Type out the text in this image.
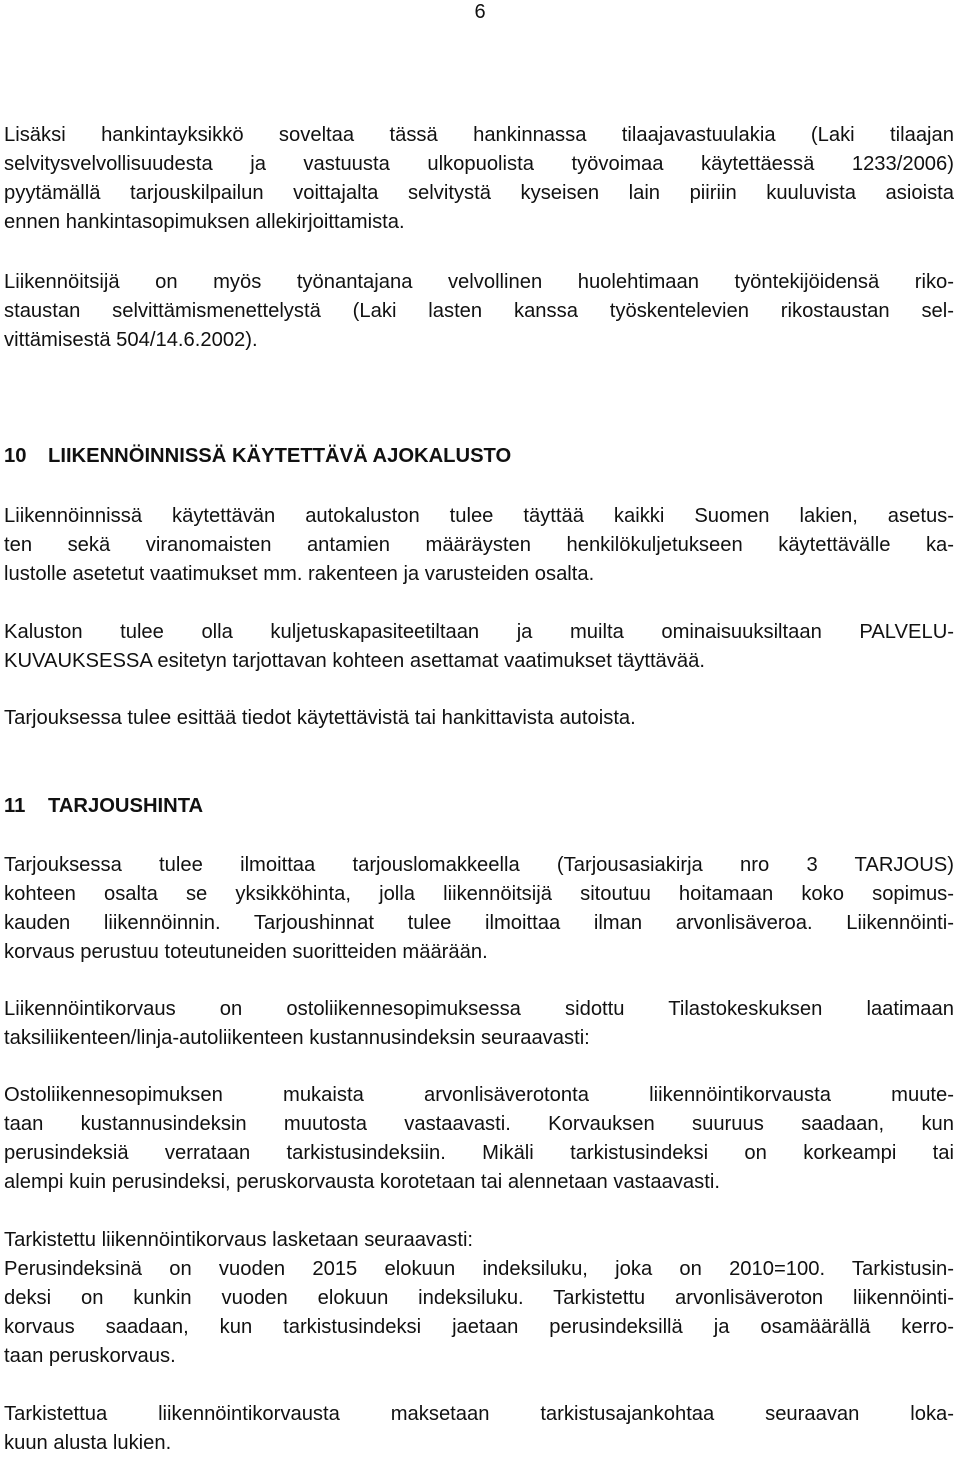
6
Lisäksi hankintayksikkö soveltaa tässä hankinnassa tilaajavastuulakia (Laki tilaajan
selvitysvelvollisuudesta ja vastuusta ulkopuolista työvoimaa käytettäessä 1233/2006)
pyytämällä tarjouskilpailun voittajalta selvitystä kyseisen lain piiriin kuuluvista asioista
ennen hankintasopimuksen allekirjoittamista.
Liikennöitsijä on myös työnantajana velvollinen huolehtimaan työntekijöidensä riko-
staustan selvittämismenettelystä (Laki lasten kanssa työskentelevien rikostaustan sel-
vittämisestä 504/14.6.2002).
10 LIIKENNÖINNISSÄ KÄYTETTÄVÄ AJOKALUSTO
Liikennöinnissä käytettävän autokaluston tulee täyttää kaikki Suomen lakien, asetus-
ten sekä viranomaisten antamien määräysten henkilökuljetukseen käytettävälle ka-
lustolle asetetut vaatimukset mm. rakenteen ja varusteiden osalta.
Kaluston tulee olla kuljetuskapasiteetiltaan ja muilta ominaisuuksiltaan PALVELU-
KUVAUKSESSA esitetyn tarjottavan kohteen asettamat vaatimukset täyttävää.
Tarjouksessa tulee esittää tiedot käytettävistä tai hankittavista autoista.
11 TARJOUSHINTA
Tarjouksessa tulee ilmoittaa tarjouslomakkeella (Tarjousasiakirja nro 3 TARJOUS)
kohteen osalta se yksikköhinta, jolla liikennöitsijä sitoutuu hoitamaan koko sopimus-
kauden liikennöinnin. Tarjoushinnat tulee ilmoittaa ilman arvonlisäveroa. Liikennöinti-
korvaus perustuu toteutuneiden suoritteiden määrään.
Liikennöintikorvaus on ostoliikennesopimuksessa sidottu Tilastokeskuksen laatimaan
taksiliikenteen/linja-autoliikenteen kustannusindeksin seuraavasti:
Ostoliikennesopimuksen mukaista arvonlisäverotonta liikennöintikorvausta muute-
taan kustannusindeksin muutosta vastaavasti. Korvauksen suuruus saadaan, kun
perusindeksiä verrataan tarkistusindeksiin. Mikäli tarkistusindeksi on korkeampi tai
alempi kuin perusindeksi, peruskorvausta korotetaan tai alennetaan vastaavasti.
Tarkistettu liikennöintikorvaus lasketaan seuraavasti:
Perusindeksinä on vuoden 2015 elokuun indeksiluku, joka on 2010=100. Tarkistusin-
deksi on kunkin vuoden elokuun indeksiluku. Tarkistettu arvonlisäveroton liikennöinti-
korvaus saadaan, kun tarkistusindeksi jaetaan perusindeksillä ja osamäärällä kerro-
taan peruskorvaus.
Tarkistettua liikennöintikorvausta maksetaan tarkistusajankohtaa seuraavan loka-
kuun alusta lukien.
